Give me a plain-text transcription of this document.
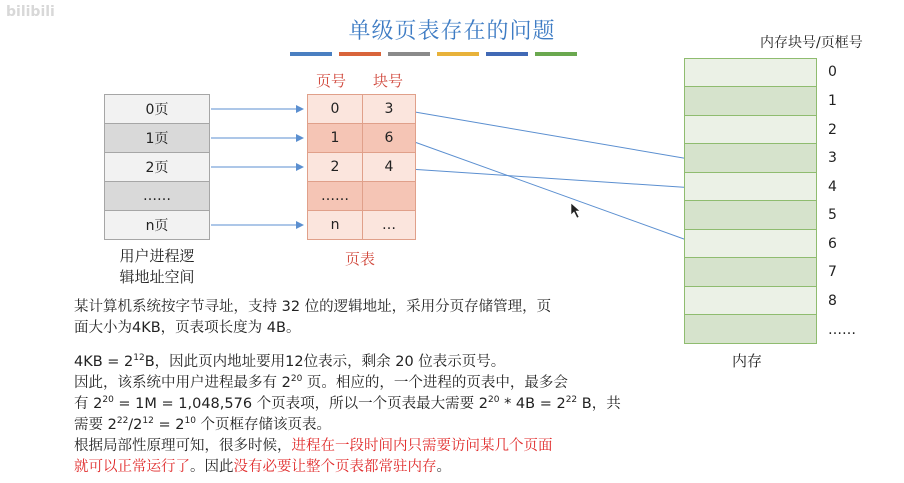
bilibili
单级页表存在的问题
0页
1页
2页
……
n页
用户进程逻
辑地址空间
页号 块号
0	3
1	6
2	4
……
n	…
页表
内存块号/页框号
0
1
2
3
4
5
6
7
8
……
内存
某计算机系统按字节寻址，支持 32 位的逻辑地址，采用分页存储管理，页
面大小为4KB，页表项长度为 4B。
$4KB = 2^{12}B$，因此页内地址要用12位表示，剩余 20 位表示页号。
因此，该系统中用户进程最多有 $2^{20}$ 页。相应的，一个进程的页表中，最多会
有 $2^{20} = 1M = 1,048,576$ 个页表项，所以一个页表最大需要 $2^{20} * 4B = 2^{22}$ B，共
需要 $2^{22}/2^{12} = 2^{10}$ 个页框存储该页表。
根据局部性原理可知，很多时候，进程在一段时间内只需要访问某几个页面
就可以正常运行了。因此没有必要让整个页表都常驻内存。
